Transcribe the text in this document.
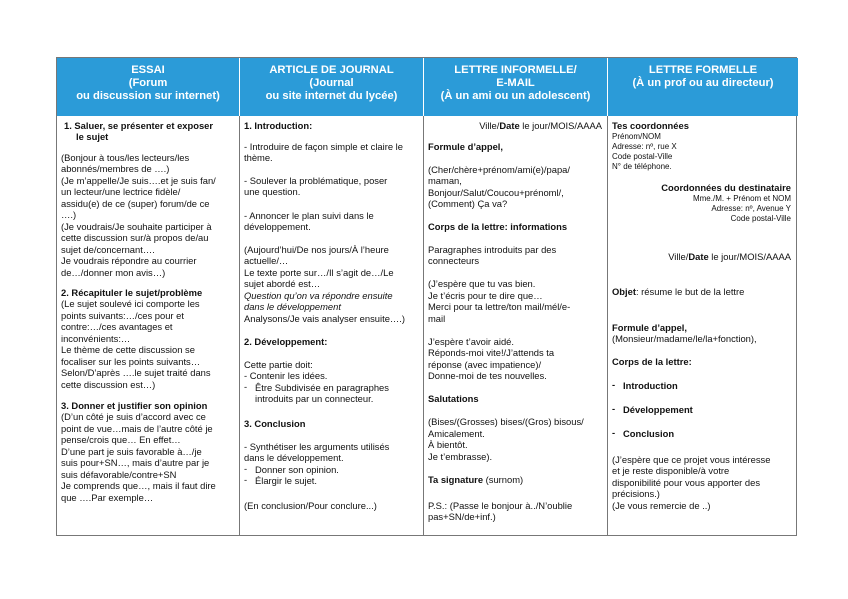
ESSAI
(Forum
ou discussion sur internet)
ARTICLE DE JOURNAL
(Journal
ou site internet du lycée)
LETTRE INFORMELLE/
E-MAIL
(À un ami ou un adolescent)
LETTRE FORMELLE
(À un prof ou au directeur)
1. Saluer, se présenter et exposer
le sujet
(Bonjour à tous/les lecteurs/les
abonnés/membres de ….)
(Je m’appelle/Je suis….et je suis fan/
un lecteur/une lectrice fidèle/
assidu(e) de ce (super) forum/de ce
….)
(Je voudrais/Je souhaite participer à
cette discussion sur/à propos de/au
sujet de/concernant….
Je voudrais répondre au courrier
de…/donner mon avis…)
2. Récapituler le sujet/problème
(Le sujet soulevé ici comporte les
points suivants:…/ces pour et
contre:…/ces avantages et
inconvénients:…
Le thème de cette discussion se
focaliser sur les points suivants…
Selon/D’après ….le sujet traité dans
cette discussion est…)
3. Donner et justifier son opinion
(D’un côté je suis d’accord avec ce
point de vue…mais de l’autre côté je
pense/crois que… En effet…
D’une part je suis favorable à…/je
suis pour+SN…, mais d’autre par je
suis défavorable/contre+SN
Je comprends que…, mais il faut dire
que ….Par exemple…
1. Introduction:
- Introduire de façon simple et claire le
thème.
- Soulever la problématique, poser
une question.
- Annoncer le plan suivi dans le
développement.
(Aujourd’hui/De nos jours/À l’heure
actuelle/…
Le texte porte sur…/Il s’agit de…/Le
sujet abordé est…
Question qu’on va répondre ensuite
dans le développement
Analysons/Je vais analyser ensuite….)
2. Développement:
Cette partie doit:
- Contenir les idées.
- Être Subdivisée en paragraphes
introduits par un connecteur.
3. Conclusion
- Synthétiser les arguments utilisés
dans le développement.
- Donner son opinion.
- Élargir le sujet.
(En conclusion/Pour conclure...)
Ville/Date le jour/MOIS/AAAA
Formule d’appel,
(Cher/chère+prénom/ami(e)/papa/
maman,
Bonjour/Salut/Coucou+prénoml/,
(Comment) Ça va?
Corps de la lettre: informations
Paragraphes introduits par des
connecteurs
(J’espère que tu vas bien.
Je t’écris pour te dire que…
Merci pour ta lettre/ton mail/mél/e-
mail
J’espère t’avoir aidé.
Réponds-moi vite!/J’attends ta
réponse (avec impatience)/
Donne-moi de tes nouvelles.
Salutations
(Bises/(Grosses) bises/(Gros) bisous/
Amicalement.
À bientôt.
Je t’embrasse).
Ta signature (surnom)
P.S.: (Passe le bonjour à../N’oublie
pas+SN/de+inf.)
Tes coordonnées
Prénom/NOM
Adresse: nº, rue X
Code postal-Ville
N° de téléphone.
Coordonnées du destinataire
Mme./M. + Prénom et NOM
Adresse: nº, Avenue Y
Code postal-Ville
Ville/Date le jour/MOIS/AAAA
Objet: résume le but de la lettre
Formule d’appel,
(Monsieur/madame/le/la+fonction),
Corps de la lettre:
- Introduction
- Développement
- Conclusion
(J’espère que ce projet vous intéresse
et je reste disponible/à votre
disponibilité pour vous apporter des
précisions.)
(Je vous remercie de ..)
